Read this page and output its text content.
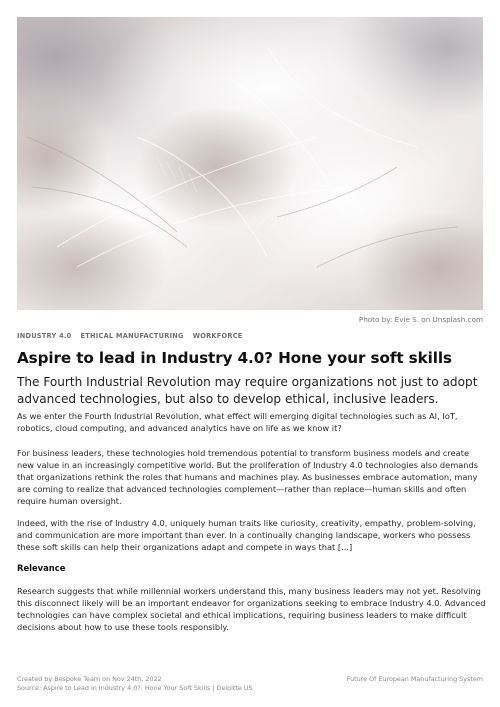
Photo by: Evie S. on Unsplash.com
INDUSTRY 4.0 ETHICAL MANUFACTURING WORKFORCE
Aspire to lead in Industry 4.0? Hone your soft skills

The Fourth Industrial Revolution may require organizations not just to adopt advanced technologies, but also to develop ethical, inclusive leaders.

As we enter the Fourth Industrial Revolution, what effect will emerging digital technologies such as AI, IoT, robotics, cloud computing, and advanced analytics have on life as we know it?

For business leaders, these technologies hold tremendous potential to transform business models and create new value in an increasingly competitive world. But the proliferation of Industry 4.0 technologies also demands that organizations rethink the roles that humans and machines play. As businesses embrace automation, many are coming to realize that advanced technologies complement—rather than replace—human skills and often require human oversight.

Indeed, with the rise of Industry 4.0, uniquely human traits like curiosity, creativity, empathy, problem-solving, and communication are more important than ever. In a continually changing landscape, workers who possess these soft skills can help their organizations adapt and compete in ways that [...]

Relevance

Research suggests that while millennial workers understand this, many business leaders may not yet. Resolving this disconnect likely will be an important endeavor for organizations seeking to embrace Industry 4.0. Advanced technologies can have complex societal and ethical implications, requiring business leaders to make difficult decisions about how to use these tools responsibly.

Created by Bespoke Team on Nov 24th, 2022
Source: Aspire to Lead in Industry 4.0?: Hone Your Soft Skills | Deloitte US
Future Of European Manufacturing System
